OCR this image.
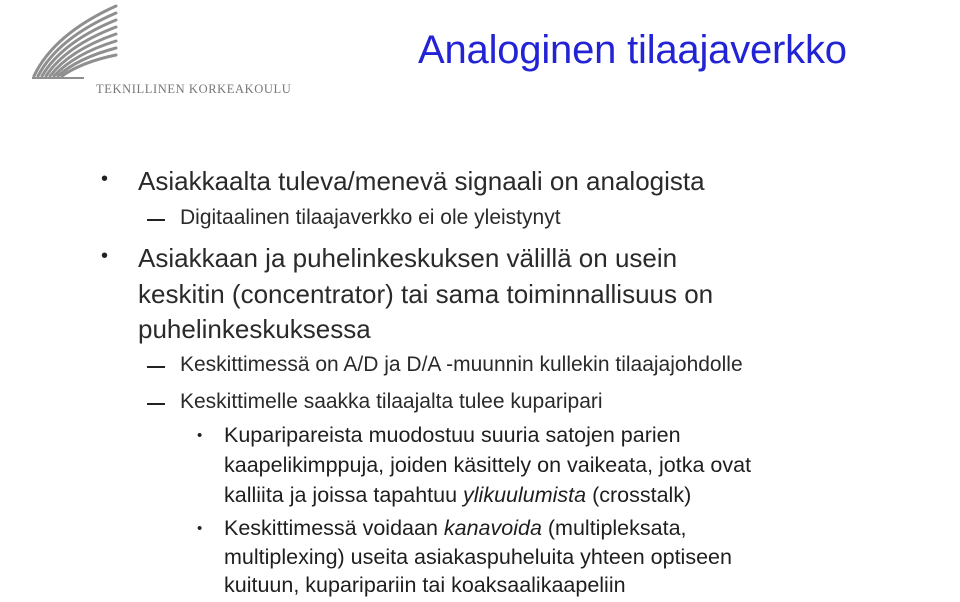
TEKNILLINEN KORKEAKOULU
Analoginen tilaajaverkko
• Asiakkaalta tuleva/menevä signaali on analogista
Digitaalinen tilaajaverkko ei ole yleistynyt
• Asiakkaan ja puhelinkeskuksen välillä on usein
keskitin (concentrator) tai sama toiminnallisuus on
puhelinkeskuksessa
Keskittimessä on A/D ja D/A -muunnin kullekin tilaajajohdolle
Keskittimelle saakka tilaajalta tulee kuparipari
• Kuparipareista muodostuu suuria satojen parien
kaapelikimppuja, joiden käsittely on vaikeata, jotka ovat
kalliita ja joissa tapahtuu ylikuulumista (crosstalk)
• Keskittimessä voidaan kanavoida (multipleksata,
multiplexing) useita asiakaspuheluita yhteen optiseen
kuituun, kuparipariin tai koaksaalikaapeliin
